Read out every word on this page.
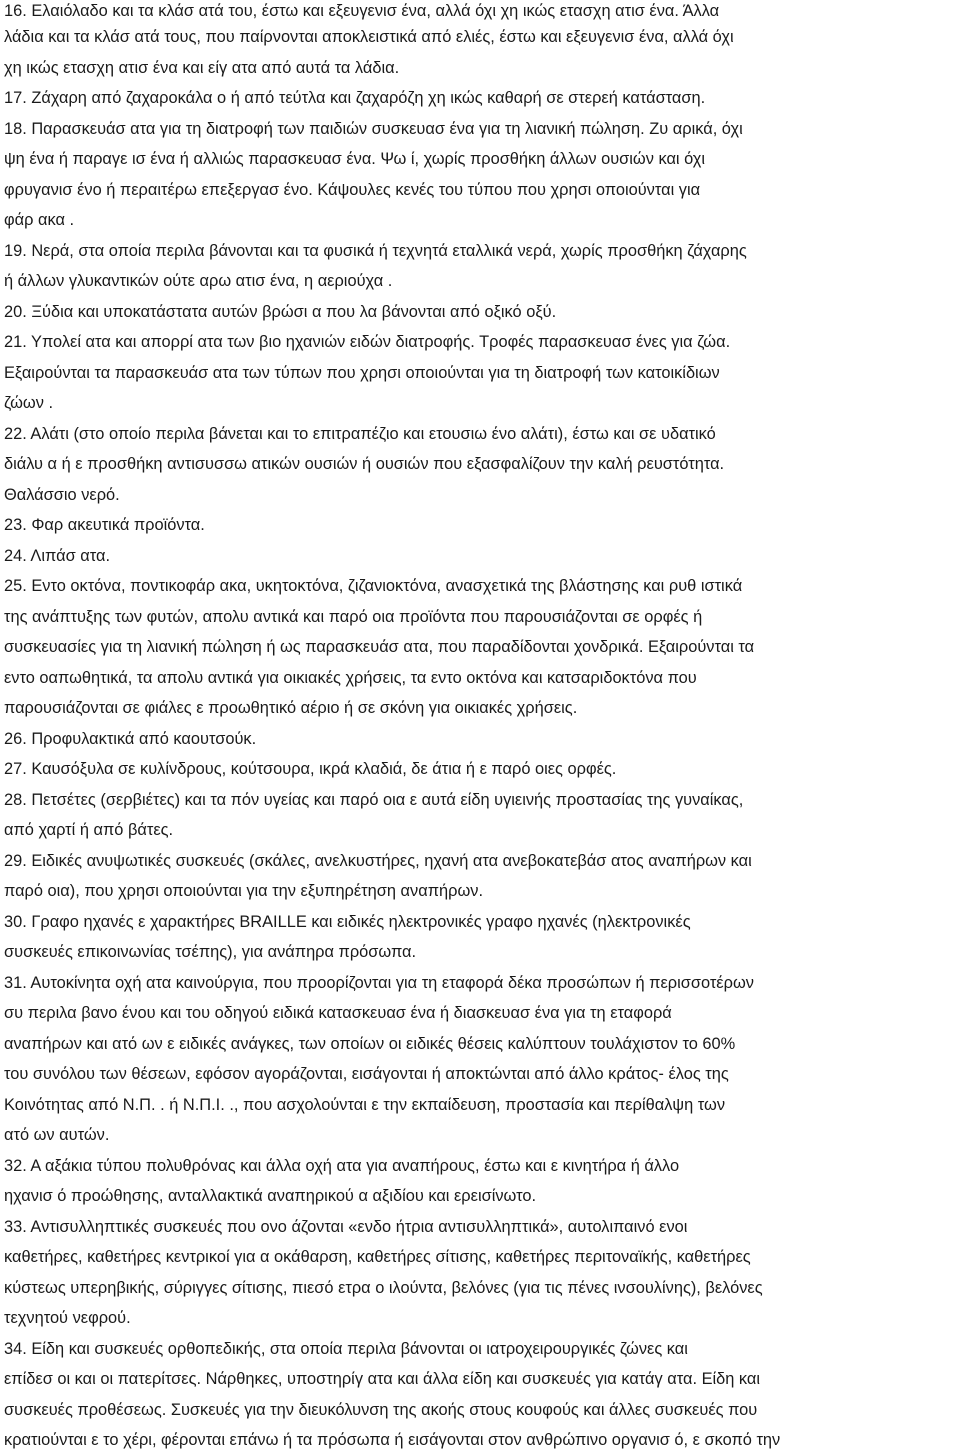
16. Ελαιόλαδο και τα κλάσ ατά του, έστω και εξευγενισ ένα, αλλά όχι χη ικώς ετασχη ατισ ένα. Άλλα
λάδια και τα κλάσ ατά τους, που παίρνονται αποκλειστικά από ελιές, έστω και εξευγενισ ένα, αλλά όχι
χη ικώς ετασχη ατισ ένα και είγ ατα από αυτά τα λάδια.
17. Ζάχαρη από ζαχαροκάλα ο ή από τεύτλα και ζαχαρόζη χη ικώς καθαρή σε στερεή κατάσταση.
18. Παρασκευάσ ατα για τη διατροφή των παιδιών συσκευασ ένα για τη λιανική πώληση. Ζυ αρικά, όχι
ψη ένα ή παραγε ισ ένα ή αλλιώς παρασκευασ ένα. Ψω ί, χωρίς προσθήκη άλλων ουσιών και όχι
φρυγανισ ένο ή περαιτέρω επεξεργασ ένο. Κάψουλες κενές του τύπου που χρησι οποιούνται για
φάρ ακα .
19. Νερά, στα οποία περιλα βάνονται και τα φυσικά ή τεχνητά εταλλικά νερά, χωρίς προσθήκη ζάχαρης
ή άλλων γλυκαντικών ούτε αρω ατισ ένα, η αεριούχα .
20. Ξύδια και υποκατάστατα αυτών βρώσι α που λα βάνονται από οξικό οξύ.
21. Υπολεί ατα και απορρί ατα των βιο ηχανιών ειδών διατροφής. Τροφές παρασκευασ ένες για ζώα.
Εξαιρούνται τα παρασκευάσ ατα των τύπων που χρησι οποιούνται για τη διατροφή των κατοικίδιων
ζώων .
22. Αλάτι (στο οποίο περιλα βάνεται και το επιτραπέζιο και ετουσιω ένο αλάτι), έστω και σε υδατικό
διάλυ α ή ε προσθήκη αντισυσσω ατικών ουσιών ή ουσιών που εξασφαλίζουν την καλή ρευστότητα.
Θαλάσσιο νερό.
23. Φαρ ακευτικά προϊόντα.
24. Λιπάσ ατα.
25. Εντο οκτόνα, ποντικοφάρ ακα, υκητοκτόνα, ζιζανιοκτόνα, ανασχετικά της βλάστησης και ρυθ ιστικά
της ανάπτυξης των φυτών, απολυ αντικά και παρό οια προϊόντα που παρουσιάζονται σε ορφές ή
συσκευασίες για τη λιανική πώληση ή ως παρασκευάσ ατα, που παραδίδονται χονδρικά. Εξαιρούνται τα
εντο οαπωθητικά, τα απολυ αντικά για οικιακές χρήσεις, τα εντο οκτόνα και κατσαριδοκτόνα που
παρουσιάζονται σε φιάλες ε προωθητικό αέριο ή σε σκόνη για οικιακές χρήσεις.
26. Προφυλακτικά από καουτσούκ.
27. Καυσόξυλα σε κυλίνδρους, κούτσουρα, ικρά κλαδιά, δε άτια ή ε παρό οιες ορφές.
28. Πετσέτες (σερβιέτες) και τα πόν υγείας και παρό οια ε αυτά είδη υγιεινής προστασίας της γυναίκας,
από χαρτί ή από βάτες.
29. Ειδικές ανυψωτικές συσκευές (σκάλες, ανελκυστήρες, ηχανή ατα ανεβοκατεβάσ ατος αναπήρων και
παρό οια), που χρησι οποιούνται για την εξυπηρέτηση αναπήρων.
30. Γραφο ηχανές ε χαρακτήρες BRAILLE και ειδικές ηλεκτρονικές γραφο ηχανές (ηλεκτρονικές
συσκευές επικοινωνίας τσέπης), για ανάπηρα πρόσωπα.
31. Αυτοκίνητα οχή ατα καινούργια, που προορίζονται για τη εταφορά δέκα προσώπων ή περισσοτέρων
συ περιλα βανο ένου και του οδηγού ειδικά κατασκευασ ένα ή διασκευασ ένα για τη εταφορά
αναπήρων και ατό ων ε ειδικές ανάγκες, των οποίων οι ειδικές θέσεις καλύπτουν τουλάχιστον το 60%
του συνόλου των θέσεων, εφόσον αγοράζονται, εισάγονται ή αποκτώνται από άλλο κράτος- έλος της
Κοινότητας από Ν.Π. . ή Ν.Π.Ι. ., που ασχολούνται ε την εκπαίδευση, προστασία και περίθαλψη των
ατό ων αυτών.
32. Α αξάκια τύπου πολυθρόνας και άλλα οχή ατα για αναπήρους, έστω και ε κινητήρα ή άλλο
ηχανισ ό προώθησης, ανταλλακτικά αναπηρικού α αξιδίου και ερεισίνωτο.
33. Αντισυλληπτικές συσκευές που ονο άζονται «ενδο ήτρια αντισυλληπτικά», αυτολιπαινό ενοι
καθετήρες, καθετήρες κεντρικοί για α οκάθαρση, καθετήρες σίτισης, καθετήρες περιτοναϊκής, καθετήρες
κύστεως υπερηβικής, σύριγγες σίτισης, πιεσό ετρα ο ιλούντα, βελόνες (για τις πένες ινσουλίνης), βελόνες
τεχνητού νεφρού.
34. Είδη και συσκευές ορθοπεδικής, στα οποία περιλα βάνονται οι ιατροχειρουργικές ζώνες και
επίδεσ οι και οι πατερίτσες. Νάρθηκες, υποστηρίγ ατα και άλλα είδη και συσκευές για κατάγ ατα. Είδη και
συσκευές προθέσεως. Συσκευές για την διευκόλυνση της ακοής στους κουφούς και άλλες συσκευές που
κρατιούνται ε το χέρι, φέρονται επάνω ή τα πρόσωπα ή εισάγονται στον ανθρώπινο οργανισ ό, ε σκοπό την
